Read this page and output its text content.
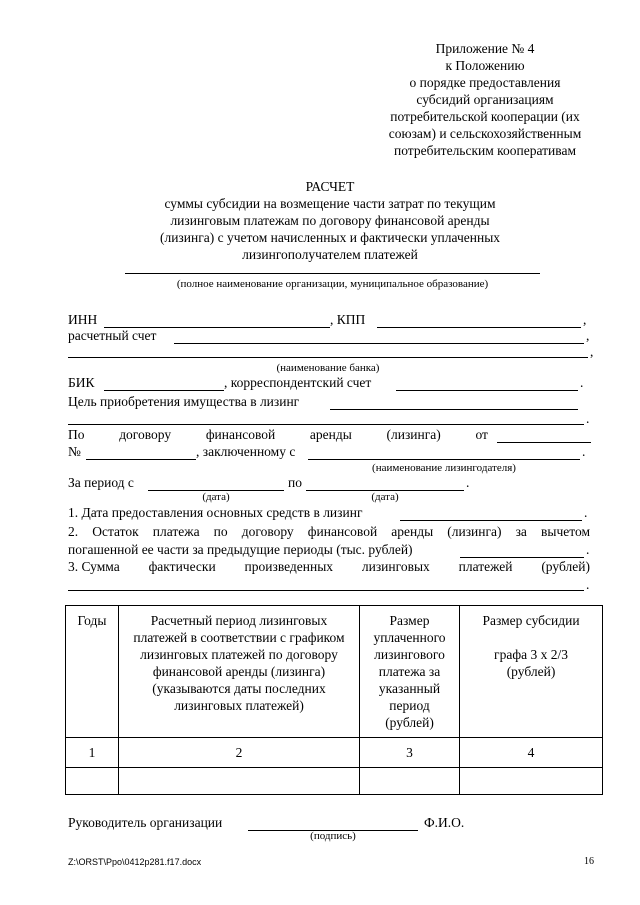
Приложение № 4
к Положению
о порядке предоставления
субсидий организациям
потребительской кооперации (их
союзам) и сельскохозяйственным
потребительским кооперативам
РАСЧЕТ
суммы субсидии на возмещение части затрат по текущим
лизинговым платежам по договору финансовой аренды
(лизинга) с учетом начисленных и фактически уплаченных
лизингополучателем платежей
(полное наименование организации, муниципальное образование)
ИНН	, КПП	,
расчетный счет	,
,
(наименование банка)
БИК	, корреспондентский счет	.
Цель приобретения имущества в лизинг
.
По	договору	финансовой	аренды	(лизинга)	от
№	, заключенному с	.
(наименование лизингодателя)
За период с	по	.
(дата)	(дата)
1. Дата предоставления основных средств в лизинг	.
2. Остаток платежа по договору финансовой аренды (лизинга) за вычетом
погашенной ее части за предыдущие периоды (тыс. рублей)	.
3. Сумма фактически произведенных лизинговых платежей (рублей)
.
Годы	Расчетный период лизинговых платежей в соответствии с графиком лизинговых платежей по договору финансовой аренды (лизинга) (указываются даты последних лизинговых платежей)	Размер уплаченного лизингового платежа за указанный период (рублей)	Размер субсидии
графа 3 x 2/3
(рублей)

1	2	3	4

Руководитель организации	Ф.И.О.
(подпись)
Z:\ORST\Ppo\0412p281.f17.docx	16
